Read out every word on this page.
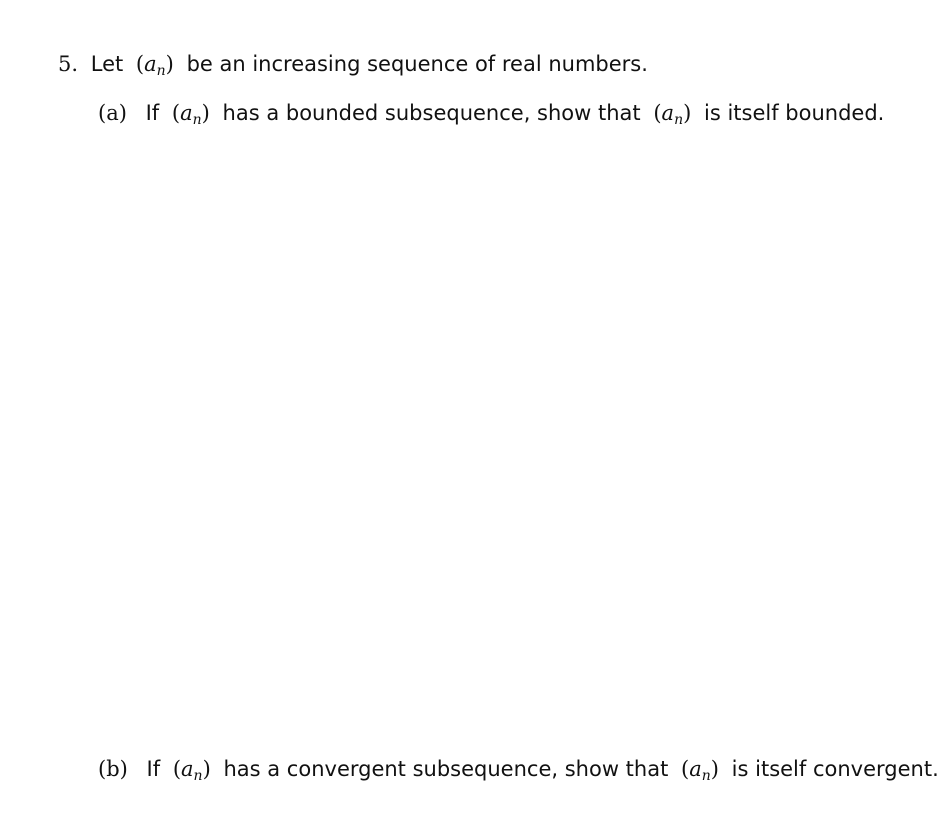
5. Let $(a_n)$ be an increasing sequence of real numbers.
(a) If $(a_n)$ has a bounded subsequence, show that $(a_n)$ is itself bounded.
(b) If $(a_n)$ has a convergent subsequence, show that $(a_n)$ is itself convergent.
